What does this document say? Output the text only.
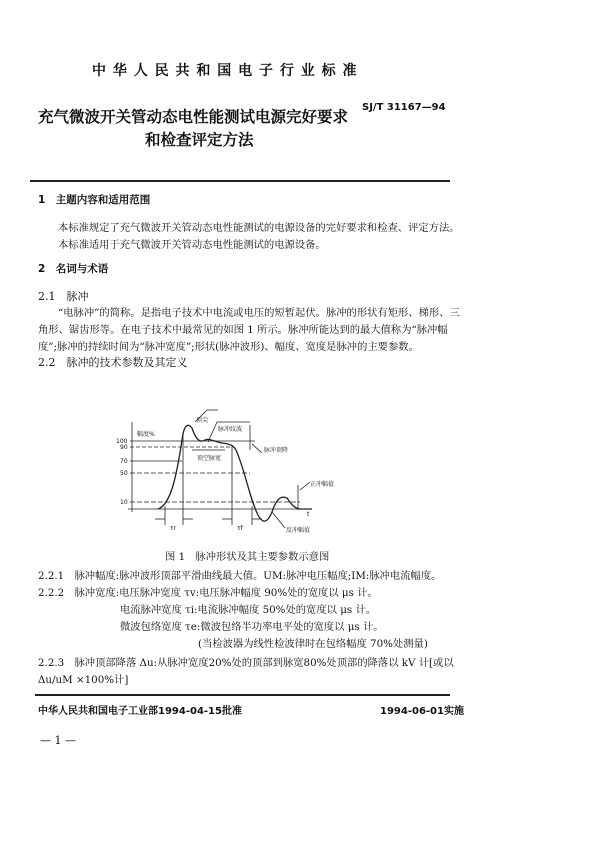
中 华 人 民 共 和 国 电 子 行 业 标 准
充气微波开关管动态电性能测试电源完好要求
SJ/T 31167—94
和检查评定方法
1　主题内容和适用范围
本标准规定了充气微波开关管动态电性能测试的电源设备的完好要求和检查、评定方法。
本标准适用于充气微波开关管动态电性能测试的电源设备。
2　名词与术语
2.1　脉冲
“电脉冲”的简称。是指电子技术中电流或电压的短暂起伏。脉冲的形状有矩形、梯形、三
角形、锯齿形等。在电子技术中最常见的如图 1 所示。脉冲所能达到的最大值称为“脉冲幅
度”;脉冲的持续时间为“脉冲宽度”;形状(脉冲波形)、幅度、宽度是脉冲的主要参数。
2.2　脉冲的技术参数及其定义
幅度%
100
90
70
50
10
顶尖
脉冲纹波
脉冲顶降
顶空脉宽
正冲幅值
反冲幅值
t
τr	τf
图 1　脉冲形状及其主要参数示意图
2.2.1　脉冲幅度:脉冲波形顶部平滑曲线最大值。UM:脉冲电压幅度;IM:脉冲电流幅度。
2.2.2　脉冲宽度:电压脉冲宽度 τv:电压脉冲幅度 90%处的宽度以 μs 计。
电流脉冲宽度 τi:电流脉冲幅度 50%处的宽度以 μs 计。
微波包络宽度 τe:微波包络半功率电平处的宽度以 μs 计。
(当检波器为线性检波律时在包络幅度 70%处测量)
2.2.3　脉冲顶部降落 Δu:从脉冲宽度20%处的顶部到脉宽80%处顶部的降落以 kV 计[或以
Δu/uM ×100%计]
中华人民共和国电子工业部1994-04-15批准	1994-06-01实施
— 1 —
